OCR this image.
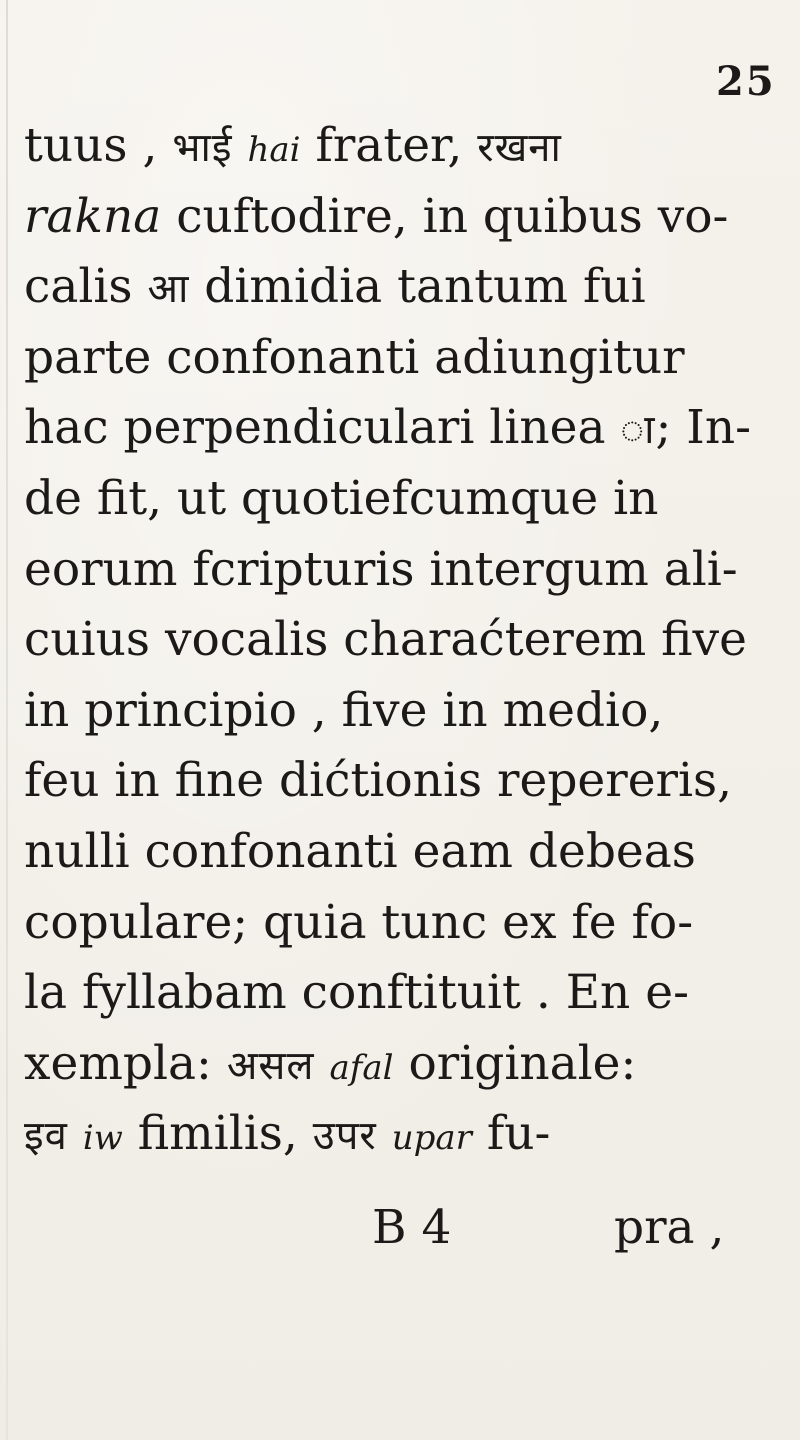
25
tuus , भाई hai frater, रखना
rakna cuftodire, in quibus vo-
calis आ dimidia tantum fui
parte confonanti adiungitur
hac perpendiculari linea ा; In-
de fit, ut quotiefcumque in
eorum fcripturis intergum ali-
cuius vocalis charaćterem five
in principio , five in medio,
feu in fine dićtionis repereris,
nulli confonanti eam debeas
copulare; quia tunc ex fe fo-
la fyllabam conftituit . En e-
xempla: असल afal originale:
इव iw fimilis, उपर upar fu-
B 4	pra ,
